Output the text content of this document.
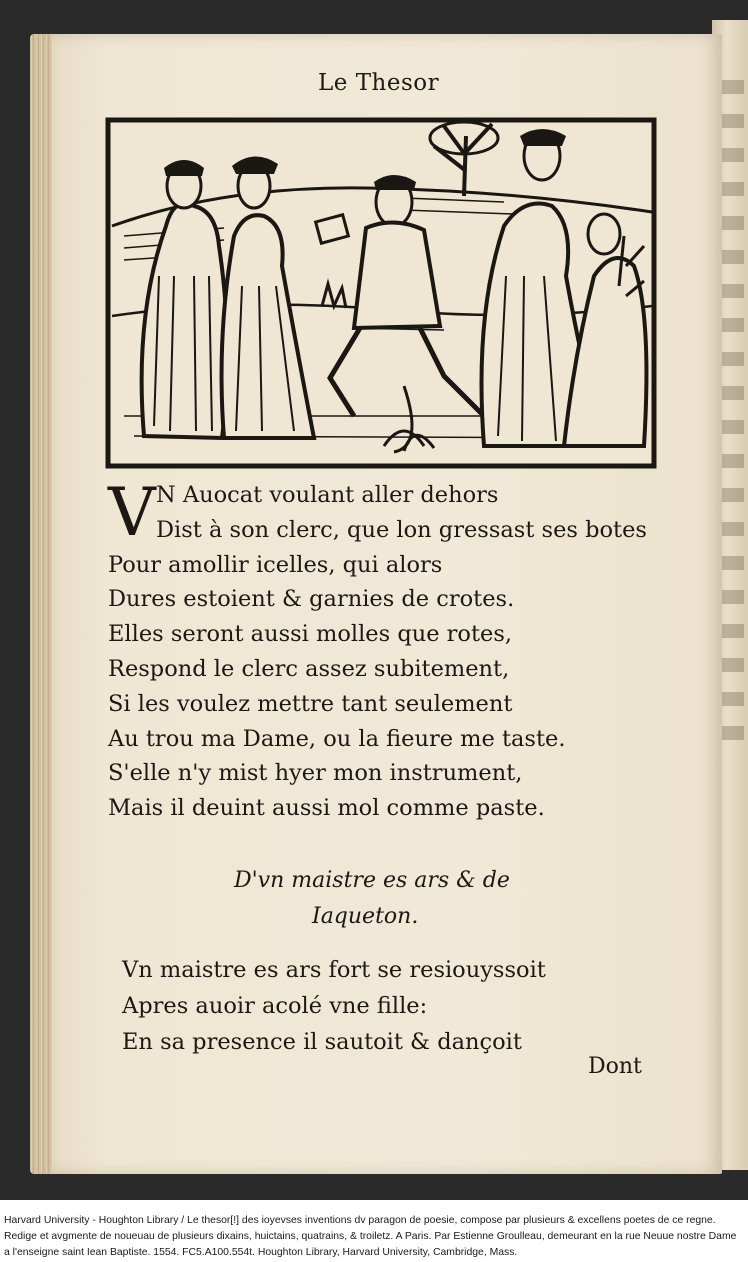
Le Thesor
V N Auocat voulant aller dehors
Dist à son clerc, que lon gressast ses botes
Pour amollir icelles, qui alors
Dures estoient & garnies de crotes.
Elles seront aussi molles que rotes,
Respond le clerc assez subitement,
Si les voulez mettre tant seulement
Au trou ma Dame, ou la fieure me taste.
S'elle n'y mist hyer mon instrument,
Mais il deuint aussi mol comme paste.
D'vn maistre es ars & de
Iaqueton.
Vn maistre es ars fort se resiouyssoit
Apres auoir acolé vne fille:
En sa presence il sautoit & dançoit
Dont
Harvard University - Houghton Library / Le thesor[!] des ioyevses inventions dv paragon de poesie, compose par plusieurs & excellens poetes de ce regne. Redige et avgmente de noueuau de plusieurs dixains, huictains, quatrains, & troiletz. A Paris. Par Estienne Groulleau, demeurant en la rue Neuue nostre Dame a l'enseigne saint Iean Baptiste. 1554. FC5.A100.554t. Houghton Library, Harvard University, Cambridge, Mass.
